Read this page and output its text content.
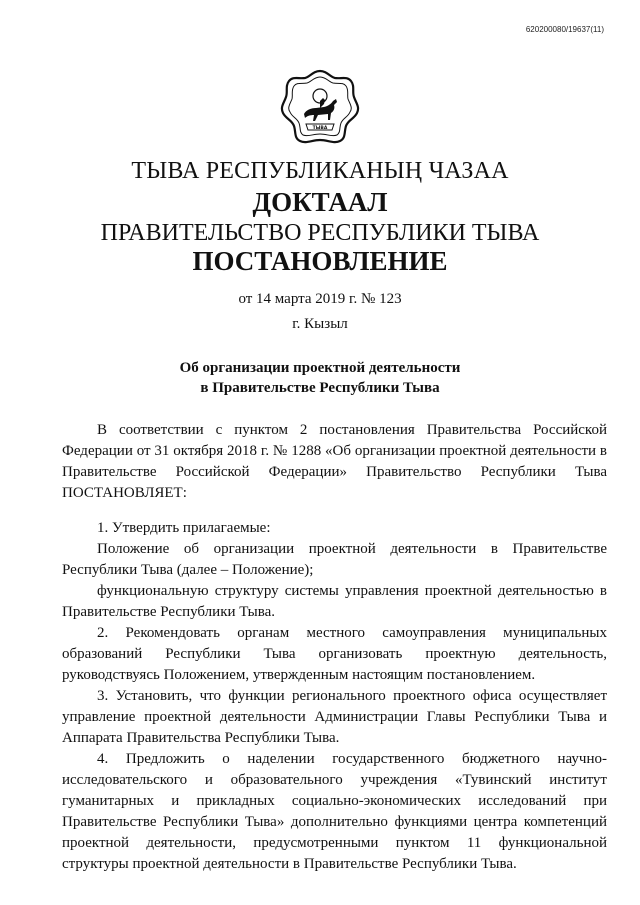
620200080/19637(11)
ТЫВА
ТЫВА РЕСПУБЛИКАНЫҢ ЧАЗАА
ДОКТААЛ
ПРАВИТЕЛЬСТВО РЕСПУБЛИКИ ТЫВА
ПОСТАНОВЛЕНИЕ
от 14 марта 2019 г. № 123
г. Кызыл
Об организации проектной деятельности
в Правительстве Республики Тыва

В соответствии с пунктом 2 постановления Правительства Российской Федерации от 31 октября 2018 г. № 1288 «Об организации проектной деятельности в Правительстве Российской Федерации» Правительство Республики Тыва ПОСТАНОВЛЯЕТ:

1. Утвердить прилагаемые:

Положение об организации проектной деятельности в Правительстве Республики Тыва (далее – Положение);

функциональную структуру системы управления проектной деятельностью в Правительстве Республики Тыва.

2. Рекомендовать органам местного самоуправления муниципальных образований Республики Тыва организовать проектную деятельность, руководствуясь Положением, утвержденным настоящим постановлением.

3. Установить, что функции регионального проектного офиса осуществляет управление проектной деятельности Администрации Главы Республики Тыва и Аппарата Правительства Республики Тыва.

4. Предложить о наделении государственного бюджетного научно-исследовательского и образовательного учреждения «Тувинский институт гуманитарных и прикладных социально-экономических исследований при Правительстве Республики Тыва» дополнительно функциями центра компетенций проектной деятельности, предусмотренными пунктом 11 функциональной структуры проектной деятельности в Правительстве Республики Тыва.
